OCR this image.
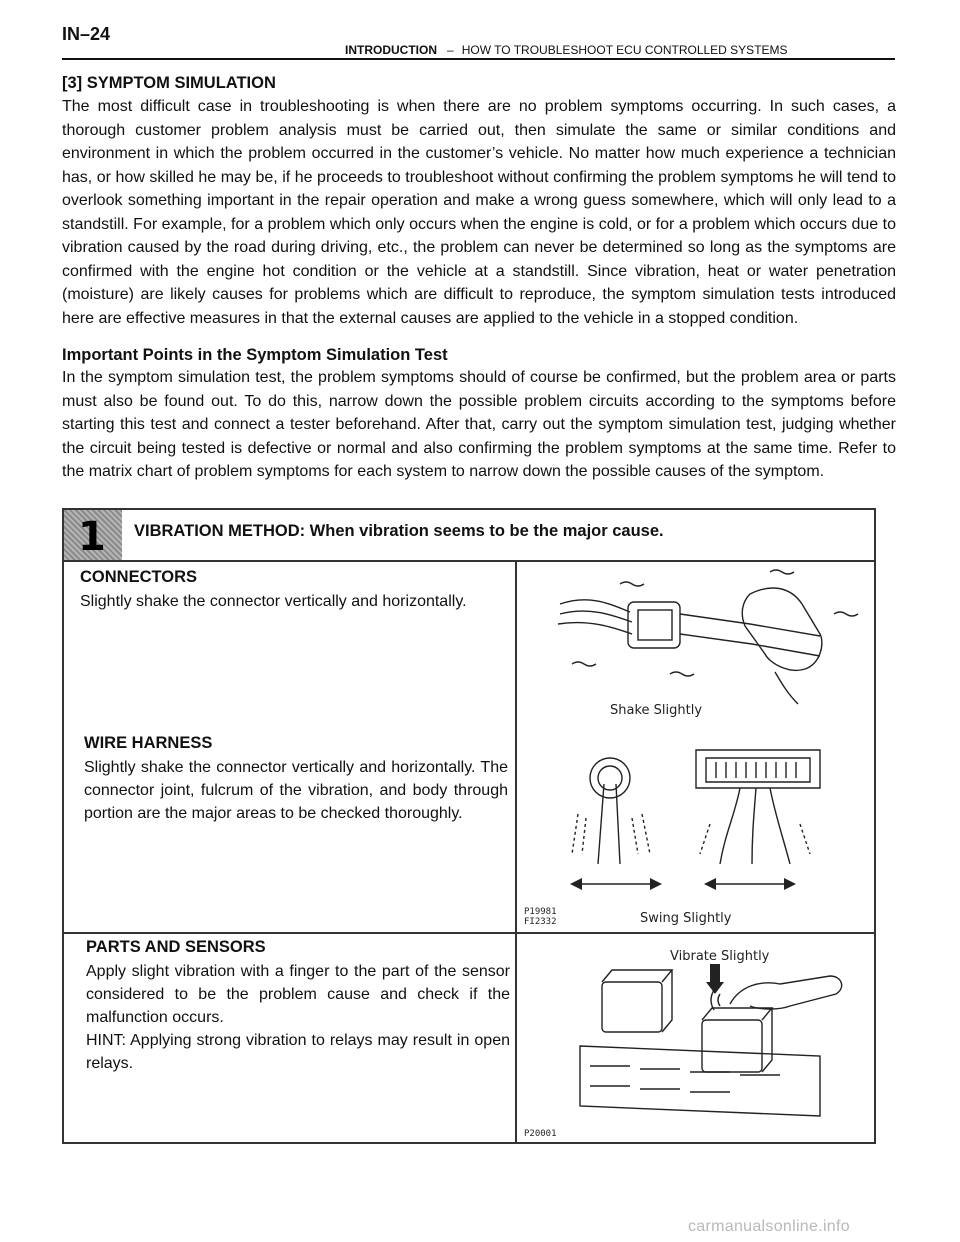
IN–24
INTRODUCTION – HOW TO TROUBLESHOOT ECU CONTROLLED SYSTEMS
[3] SYMPTOM SIMULATION

The most difficult case in troubleshooting is when there are no problem symptoms occurring. In such cases, a thorough customer problem analysis must be carried out, then simulate the same or similar conditions and environment in which the problem occurred in the customer’s vehicle. No matter how much experience a technician has, or how skilled he may be, if he proceeds to troubleshoot without confirming the problem symptoms he will tend to overlook something important in the repair operation and make a wrong guess somewhere, which will only lead to a standstill. For example, for a problem which only occurs when the engine is cold, or for a problem which occurs due to vibration caused by the road during driving, etc., the problem can never be determined so long as the symptoms are confirmed with the engine hot condition or the vehicle at a standstill. Since vibration, heat or water penetration (moisture) are likely causes for problems which are difficult to reproduce, the symptom simulation tests introduced here are effective measures in that the external causes are applied to the vehicle in a stopped condition.

Important Points in the Symptom Simulation Test

In the symptom simulation test, the problem symptoms should of course be confirmed, but the problem area or parts must also be found out. To do this, narrow down the possible problem circuits according to the symptoms before starting this test and connect a tester beforehand. After that, carry out the symptom simulation test, judging whether the circuit being tested is defective or normal and also confirming the problem symptoms at the same time. Refer to the matrix chart of problem symptoms for each system to narrow down the possible causes of the symptom.

1 VIBRATION METHOD: When vibration seems to be the major cause.
CONNECTORS

Slightly shake the connector vertically and horizontally.

WIRE HARNESS

Slightly shake the connector vertically and horizontally. The connector joint, fulcrum of the vibration, and body through portion are the major areas to be checked thoroughly.

PARTS AND SENSORS
Apply slight vibration with a finger to the part of the sensor considered to be the problem cause and check if the malfunction occurs.
HINT: Applying strong vibration to relays may result in open relays.
Shake Slightly
Swing Slightly
P19981
FI2332
Vibrate Slightly
P20001
carmanualsonline.info
